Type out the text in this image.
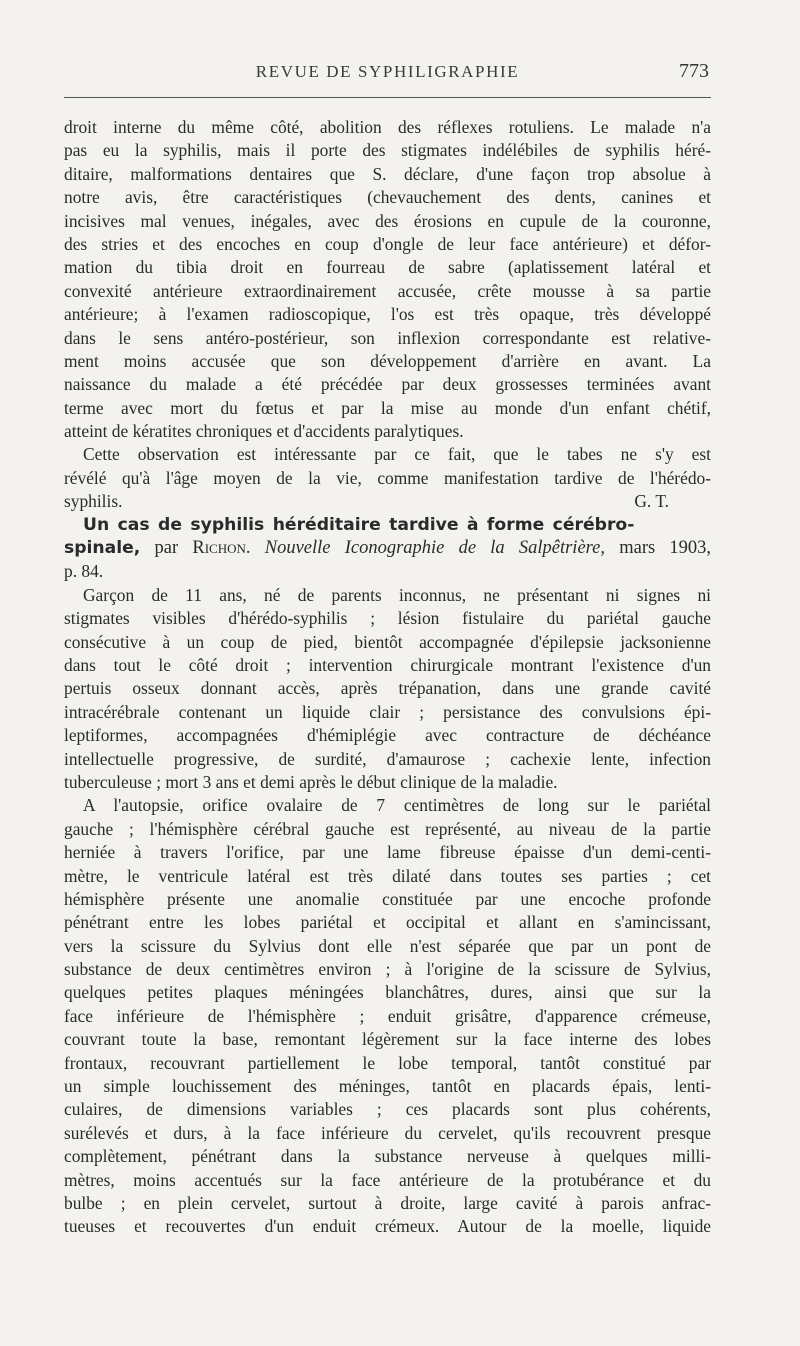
REVUE DE SYPHILIGRAPHIE	773
droit interne du même côté, abolition des réflexes rotuliens. Le malade n'a
pas eu la syphilis, mais il porte des stigmates indélébiles de syphilis héré-
ditaire, malformations dentaires que S. déclare, d'une façon trop absolue à
notre avis, être caractéristiques (chevauchement des dents, canines et
incisives mal venues, inégales, avec des érosions en cupule de la couronne,
des stries et des encoches en coup d'ongle de leur face antérieure) et défor-
mation du tibia droit en fourreau de sabre (aplatissement latéral et
convexité antérieure extraordinairement accusée, crête mousse à sa partie
antérieure; à l'examen radioscopique, l'os est très opaque, très développé
dans le sens antéro-postérieur, son inflexion correspondante est relative-
ment moins accusée que son développement d'arrière en avant. La
naissance du malade a été précédée par deux grossesses terminées avant
terme avec mort du fœtus et par la mise au monde d'un enfant chétif,
atteint de kératites chroniques et d'accidents paralytiques.
Cette observation est intéressante par ce fait, que le tabes ne s'y est
révélé qu'à l'âge moyen de la vie, comme manifestation tardive de l'hérédo-
syphilis.	G. T.
Un cas de syphilis héréditaire tardive à forme cérébro-
spinale, par Richon. Nouvelle Iconographie de la Salpêtrière, mars 1903,
p. 84.
Garçon de 11 ans, né de parents inconnus, ne présentant ni signes ni
stigmates visibles d'hérédo-syphilis ; lésion fistulaire du pariétal gauche
consécutive à un coup de pied, bientôt accompagnée d'épilepsie jacksonienne
dans tout le côté droit ; intervention chirurgicale montrant l'existence d'un
pertuis osseux donnant accès, après trépanation, dans une grande cavité
intracérébrale contenant un liquide clair ; persistance des convulsions épi-
leptiformes, accompagnées d'hémiplégie avec contracture de déchéance
intellectuelle progressive, de surdité, d'amaurose ; cachexie lente, infection
tuberculeuse ; mort 3 ans et demi après le début clinique de la maladie.
A l'autopsie, orifice ovalaire de 7 centimètres de long sur le pariétal
gauche ; l'hémisphère cérébral gauche est représenté, au niveau de la partie
herniée à travers l'orifice, par une lame fibreuse épaisse d'un demi-centi-
mètre, le ventricule latéral est très dilaté dans toutes ses parties ; cet
hémisphère présente une anomalie constituée par une encoche profonde
pénétrant entre les lobes pariétal et occipital et allant en s'amincissant,
vers la scissure du Sylvius dont elle n'est séparée que par un pont de
substance de deux centimètres environ ; à l'origine de la scissure de Sylvius,
quelques petites plaques méningées blanchâtres, dures, ainsi que sur la
face inférieure de l'hémisphère ; enduit grisâtre, d'apparence crémeuse,
couvrant toute la base, remontant légèrement sur la face interne des lobes
frontaux, recouvrant partiellement le lobe temporal, tantôt constitué par
un simple louchissement des méninges, tantôt en placards épais, lenti-
culaires, de dimensions variables ; ces placards sont plus cohérents,
surélevés et durs, à la face inférieure du cervelet, qu'ils recouvrent presque
complètement, pénétrant dans la substance nerveuse à quelques milli-
mètres, moins accentués sur la face antérieure de la protubérance et du
bulbe ; en plein cervelet, surtout à droite, large cavité à parois anfrac-
tueuses et recouvertes d'un enduit crémeux. Autour de la moelle, liquide
